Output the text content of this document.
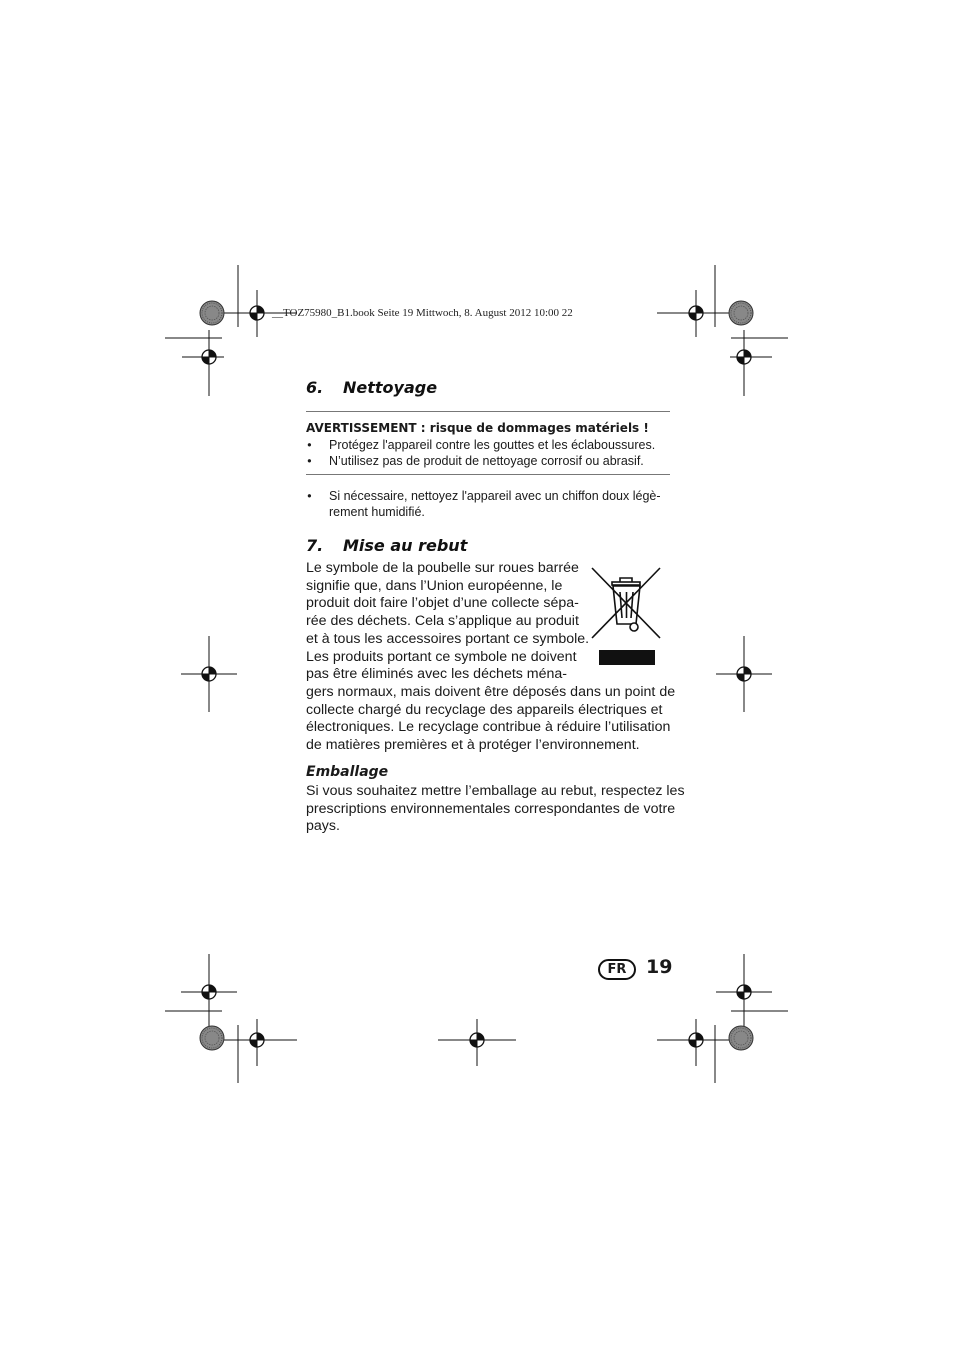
__TOZ75980_B1.book Seite 19 Mittwoch, 8. August 2012 10:00 22
6. Nettoyage
AVERTISSEMENT : risque de dommages matériels !
• Protégez l'appareil contre les gouttes et les éclaboussures.
• N’utilisez pas de produit de nettoyage corrosif ou abrasif.
• Si nécessaire, nettoyez l'appareil avec un chiffon doux légè-
rement humidifié.
7. Mise au rebut
Le symbole de la poubelle sur roues barrée
signifie que, dans l’Union européenne, le
produit doit faire l’objet d’une collecte sépa-
rée des déchets. Cela s’applique au produit
et à tous les accessoires portant ce symbole.
Les produits portant ce symbole ne doivent
pas être éliminés avec les déchets ména-
gers normaux, mais doivent être déposés dans un point de
collecte chargé du recyclage des appareils électriques et
électroniques. Le recyclage contribue à réduire l’utilisation
de matières premières et à protéger l’environnement.
Emballage
Si vous souhaitez mettre l’emballage au rebut, respectez les
prescriptions environnementales correspondantes de votre
pays.
FR	19
